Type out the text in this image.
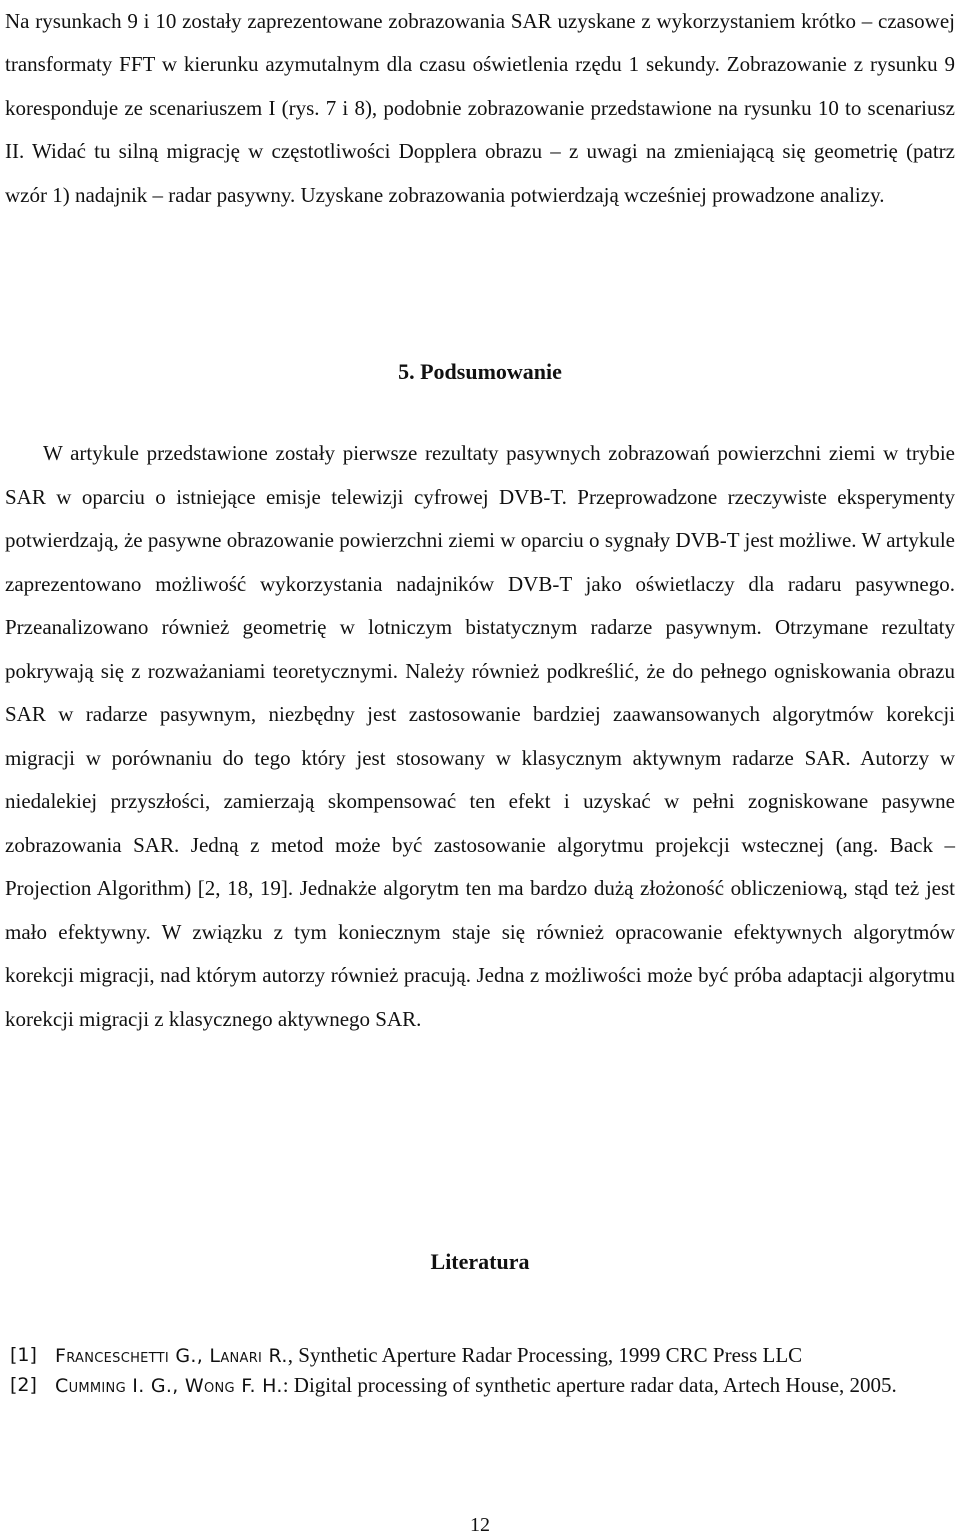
Na rysunkach 9 i 10 zostały zaprezentowane zobrazowania SAR uzyskane z wykorzystaniem krótko – czasowej transformaty FFT w kierunku azymutalnym dla czasu oświetlenia rzędu 1 sekundy. Zobrazowanie z rysunku 9 koresponduje ze scenariuszem I (rys. 7 i 8), podobnie zobrazowanie przedstawione na rysunku 10 to scenariusz II. Widać tu silną migrację w częstotliwości Dopplera obrazu – z uwagi na zmieniającą się geometrię (patrz wzór 1) nadajnik – radar pasywny. Uzyskane zobrazowania potwierdzają wcześniej prowadzone analizy.

5. Podsumowanie

W artykule przedstawione zostały pierwsze rezultaty pasywnych zobrazowań powierzchni ziemi w trybie SAR w oparciu o istniejące emisje telewizji cyfrowej DVB-T. Przeprowadzone rzeczywiste eksperymenty potwierdzają, że pasywne obrazowanie powierzchni ziemi w oparciu o sygnały DVB-T jest możliwe. W artykule zaprezentowano możliwość wykorzystania nadajników DVB-T jako oświetlaczy dla radaru pasywnego. Przeanalizowano również geometrię w lotniczym bistatycznym radarze pasywnym. Otrzymane rezultaty pokrywają się z rozważaniami teoretycznymi. Należy również podkreślić, że do pełnego ogniskowania obrazu SAR w radarze pasywnym, niezbędny jest zastosowanie bardziej zaawansowanych algorytmów korekcji migracji w porównaniu do tego który jest stosowany w klasycznym aktywnym radarze SAR. Autorzy w niedalekiej przyszłości, zamierzają skompensować ten efekt i uzyskać w pełni zogniskowane pasywne zobrazowania SAR. Jedną z metod może być zastosowanie algorytmu projekcji wstecznej (ang. Back – Projection Algorithm) [2, 18, 19]. Jednakże algorytm ten ma bardzo dużą złożoność obliczeniową, stąd też jest mało efektywny. W związku z tym koniecznym staje się również opracowanie efektywnych algorytmów korekcji migracji, nad którym autorzy również pracują. Jedna z możliwości może być próba adaptacji algorytmu korekcji migracji z klasycznego aktywnego SAR.

Literatura
[1] Franceschetti G., Lanari R., Synthetic Aperture Radar Processing, 1999 CRC Press LLC
[2] Cumming I. G., Wong F. H.: Digital processing of synthetic aperture radar data, Artech House, 2005.
12
